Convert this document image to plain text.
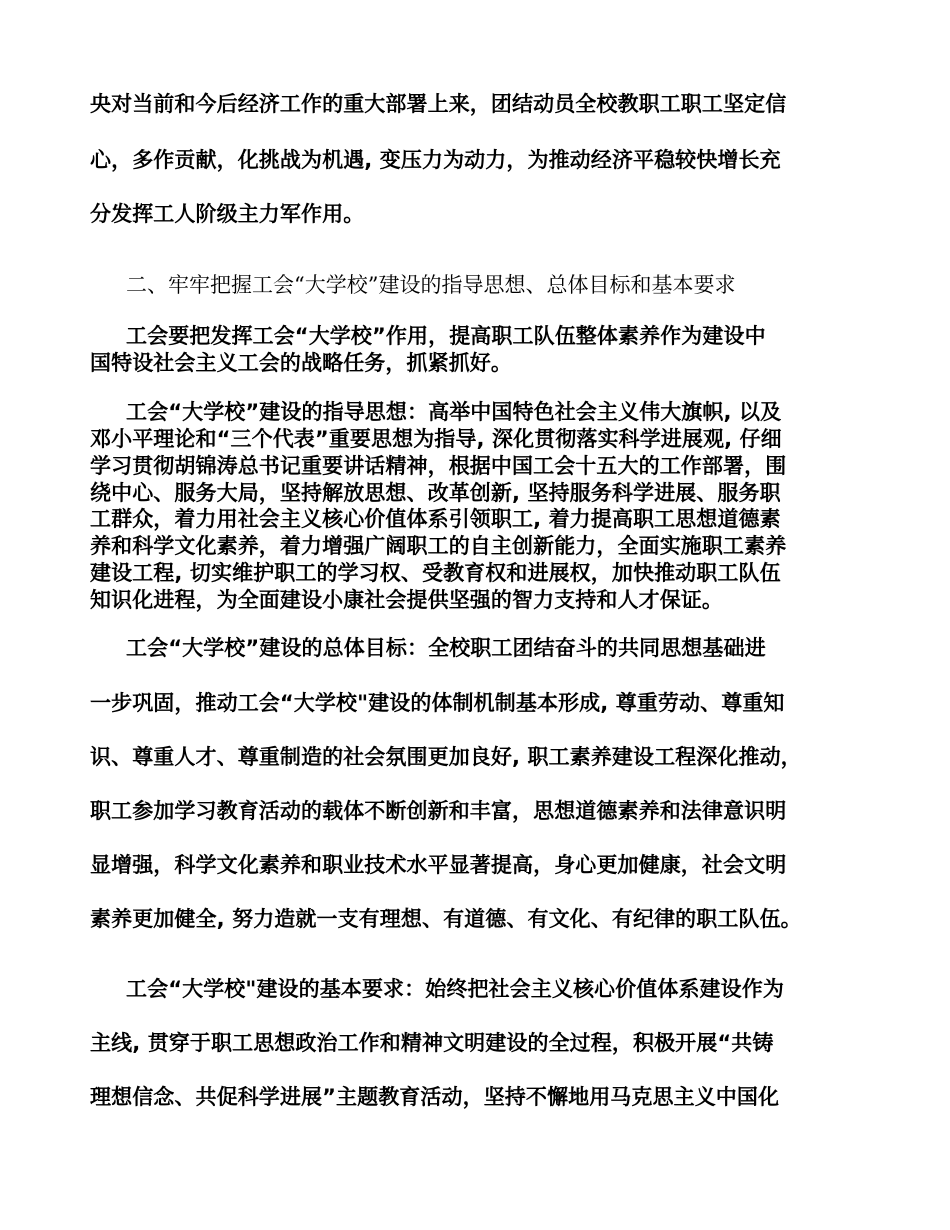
央对当前和今后经济工作的重大部署上来，团结动员全校教职工职工坚定信
心，多作贡献，化挑战为机遇, 变压力为动力，为推动经济平稳较快增长充
分发挥工人阶级主力军作用。
二、牢牢把握工会“大学校”建设的指导思想、总体目标和基本要求
工会要把发挥工会“大学校”作用，提高职工队伍整体素养作为建设中
国特设社会主义工会的战略任务，抓紧抓好。
工会“大学校”建设的指导思想：高举中国特色社会主义伟大旗帜, 以及
邓小平理论和“三个代表”重要思想为指导, 深化贯彻落实科学进展观, 仔细
学习贯彻胡锦涛总书记重要讲话精神，根据中国工会十五大的工作部署，围
绕中心、服务大局，坚持解放思想、改革创新, 坚持服务科学进展、服务职
工群众，着力用社会主义核心价值体系引领职工, 着力提高职工思想道德素
养和科学文化素养，着力增强广阔职工的自主创新能力，全面实施职工素养
建设工程, 切实维护职工的学习权、受教育权和进展权，加快推动职工队伍
知识化进程，为全面建设小康社会提供坚强的智力支持和人才保证。
工会“大学校”建设的总体目标：全校职工团结奋斗的共同思想基础进
一步巩固，推动工会“大学校"建设的体制机制基本形成, 尊重劳动、尊重知
识、尊重人才、尊重制造的社会氛围更加良好, 职工素养建设工程深化推动，
职工参加学习教育活动的载体不断创新和丰富，思想道德素养和法律意识明
显增强，科学文化素养和职业技术水平显著提高，身心更加健康，社会文明
素养更加健全, 努力造就一支有理想、有道德、有文化、有纪律的职工队伍。
工会“大学校"建设的基本要求：始终把社会主义核心价值体系建设作为
主线, 贯穿于职工思想政治工作和精神文明建设的全过程，积极开展“共铸
理想信念、共促科学进展”主题教育活动，坚持不懈地用马克思主义中国化
